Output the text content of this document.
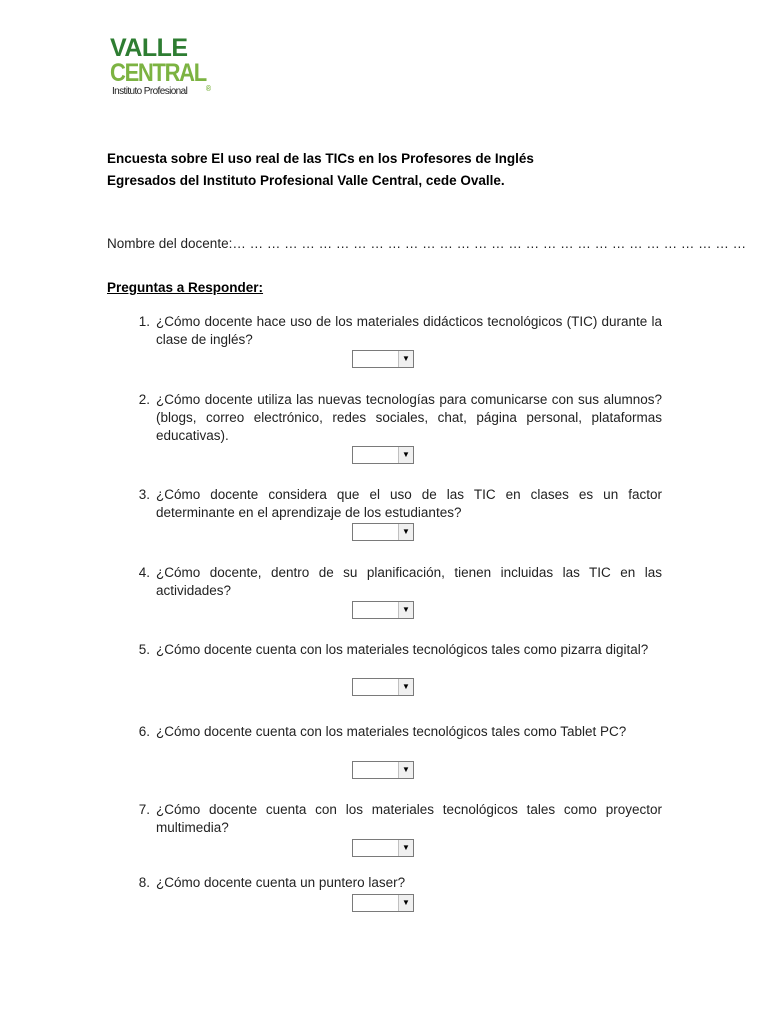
VALLE
CENTRAL®
Instituto Profesional
Encuesta sobre El uso real de las TICs en los Profesores de Inglés
Egresados del Instituto Profesional Valle Central, cede Ovalle.
Nombre del docente:… … … … … … … … … … … … … … … … … … … … … … … … … … … … … …
Preguntas a Responder:
1. ¿Cómo docente hace uso de los materiales didácticos tecnológicos (TIC) durante la clase de inglés?
▼
2. ¿Cómo docente utiliza las nuevas tecnologías para comunicarse con sus alumnos? (blogs, correo electrónico, redes sociales, chat, página personal, plataformas educativas).
▼
3. ¿Cómo docente considera que el uso de las TIC en clases es un factor determinante en el aprendizaje de los estudiantes?
▼
4. ¿Cómo docente, dentro de su planificación, tienen incluidas las TIC en las actividades?
▼
5. ¿Cómo docente cuenta con los materiales tecnológicos tales como pizarra digital?
▼
6. ¿Cómo docente cuenta con los materiales tecnológicos tales como Tablet PC?
▼
7. ¿Cómo docente cuenta con los materiales tecnológicos tales como proyector multimedia?
▼
8. ¿Cómo docente cuenta un puntero laser?
▼
